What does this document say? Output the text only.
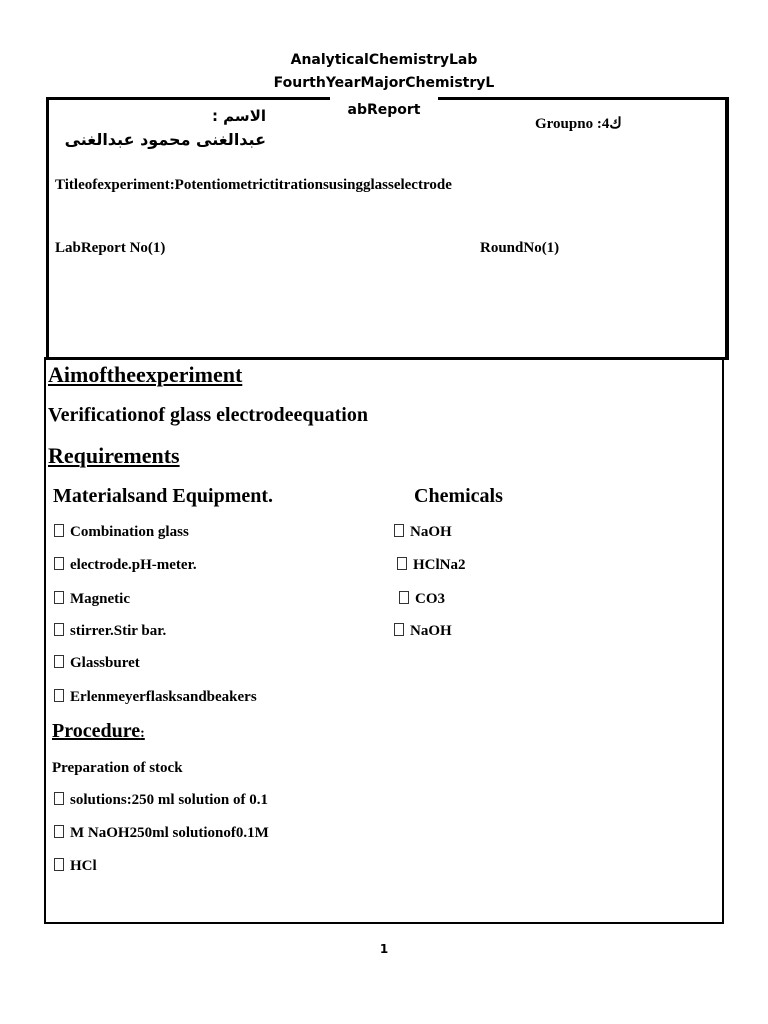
AnalyticalChemistryLab
FourthYearMajorChemistryL
abReport
الاسم :
عبدالغنى محمود عبدالغنى
Groupno :4ك
Titleofexperiment:Potentiometrictitrationsusingglasselectrode
LabReport No(1)	RoundNo(1)
Aimoftheexperiment
Verificationof glass electrodeequation
Requirements
Materialsand Equipment.	Chemicals
Combination glass
electrode.pH-meter.
Magnetic
stirrer.Stir bar.
Glassburet
Erlenmeyerflasksandbeakers
NaOH
HClNa2
CO3
NaOH
Procedure:
Preparation of stock
solutions:250 ml solution of 0.1
M NaOH250ml solutionof0.1M
HCl
1
